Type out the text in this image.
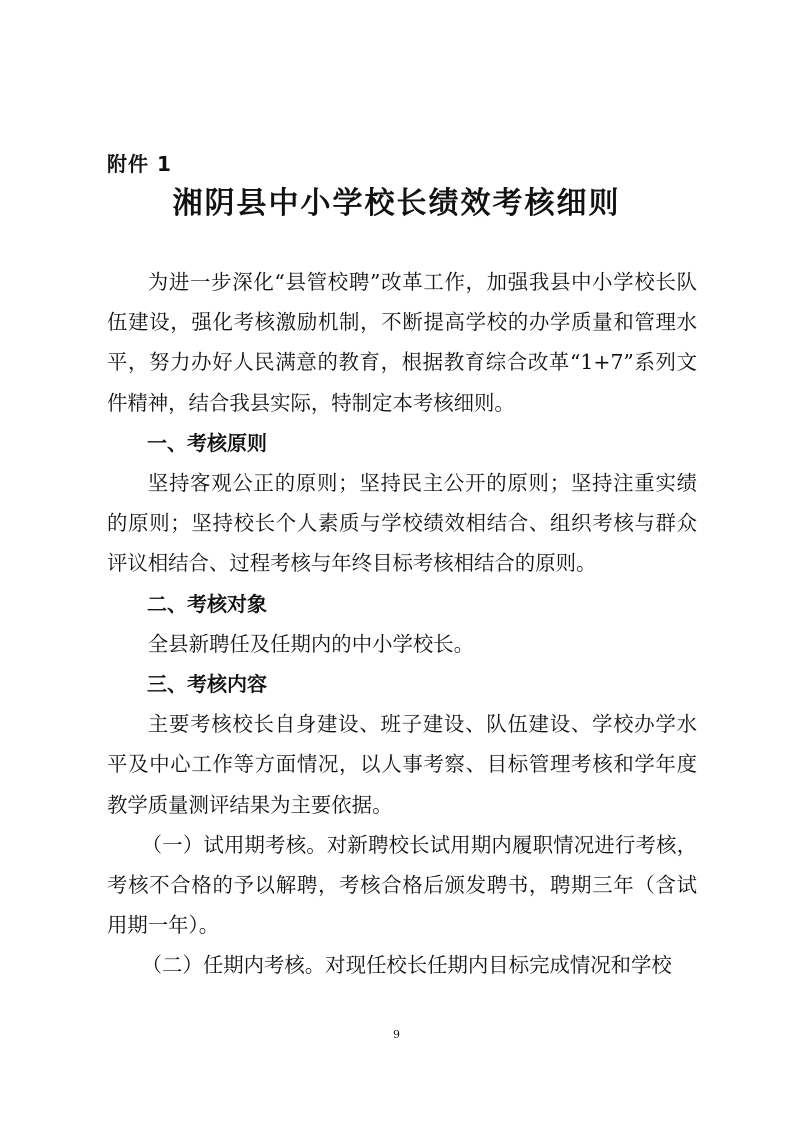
附件 1
湘阴县中小学校长绩效考核细则

为进一步深化“县管校聘”改革工作，加强我县中小学校长队伍建设，强化考核激励机制，不断提高学校的办学质量和管理水平，努力办好人民满意的教育，根据教育综合改革“1+7”系列文件精神，结合我县实际，特制定本考核细则。

一、考核原则

坚持客观公正的原则；坚持民主公开的原则；坚持注重实绩的原则；坚持校长个人素质与学校绩效相结合、组织考核与群众评议相结合、过程考核与年终目标考核相结合的原则。

二、考核对象

全县新聘任及任期内的中小学校长。

三、考核内容

主要考核校长自身建设、班子建设、队伍建设、学校办学水平及中心工作等方面情况，以人事考察、目标管理考核和学年度教学质量测评结果为主要依据。

（一）试用期考核。对新聘校长试用期内履职情况进行考核，考核不合格的予以解聘，考核合格后颁发聘书，聘期三年（含试用期一年）。

（二）任期内考核。对现任校长任期内目标完成情况和学校

9
